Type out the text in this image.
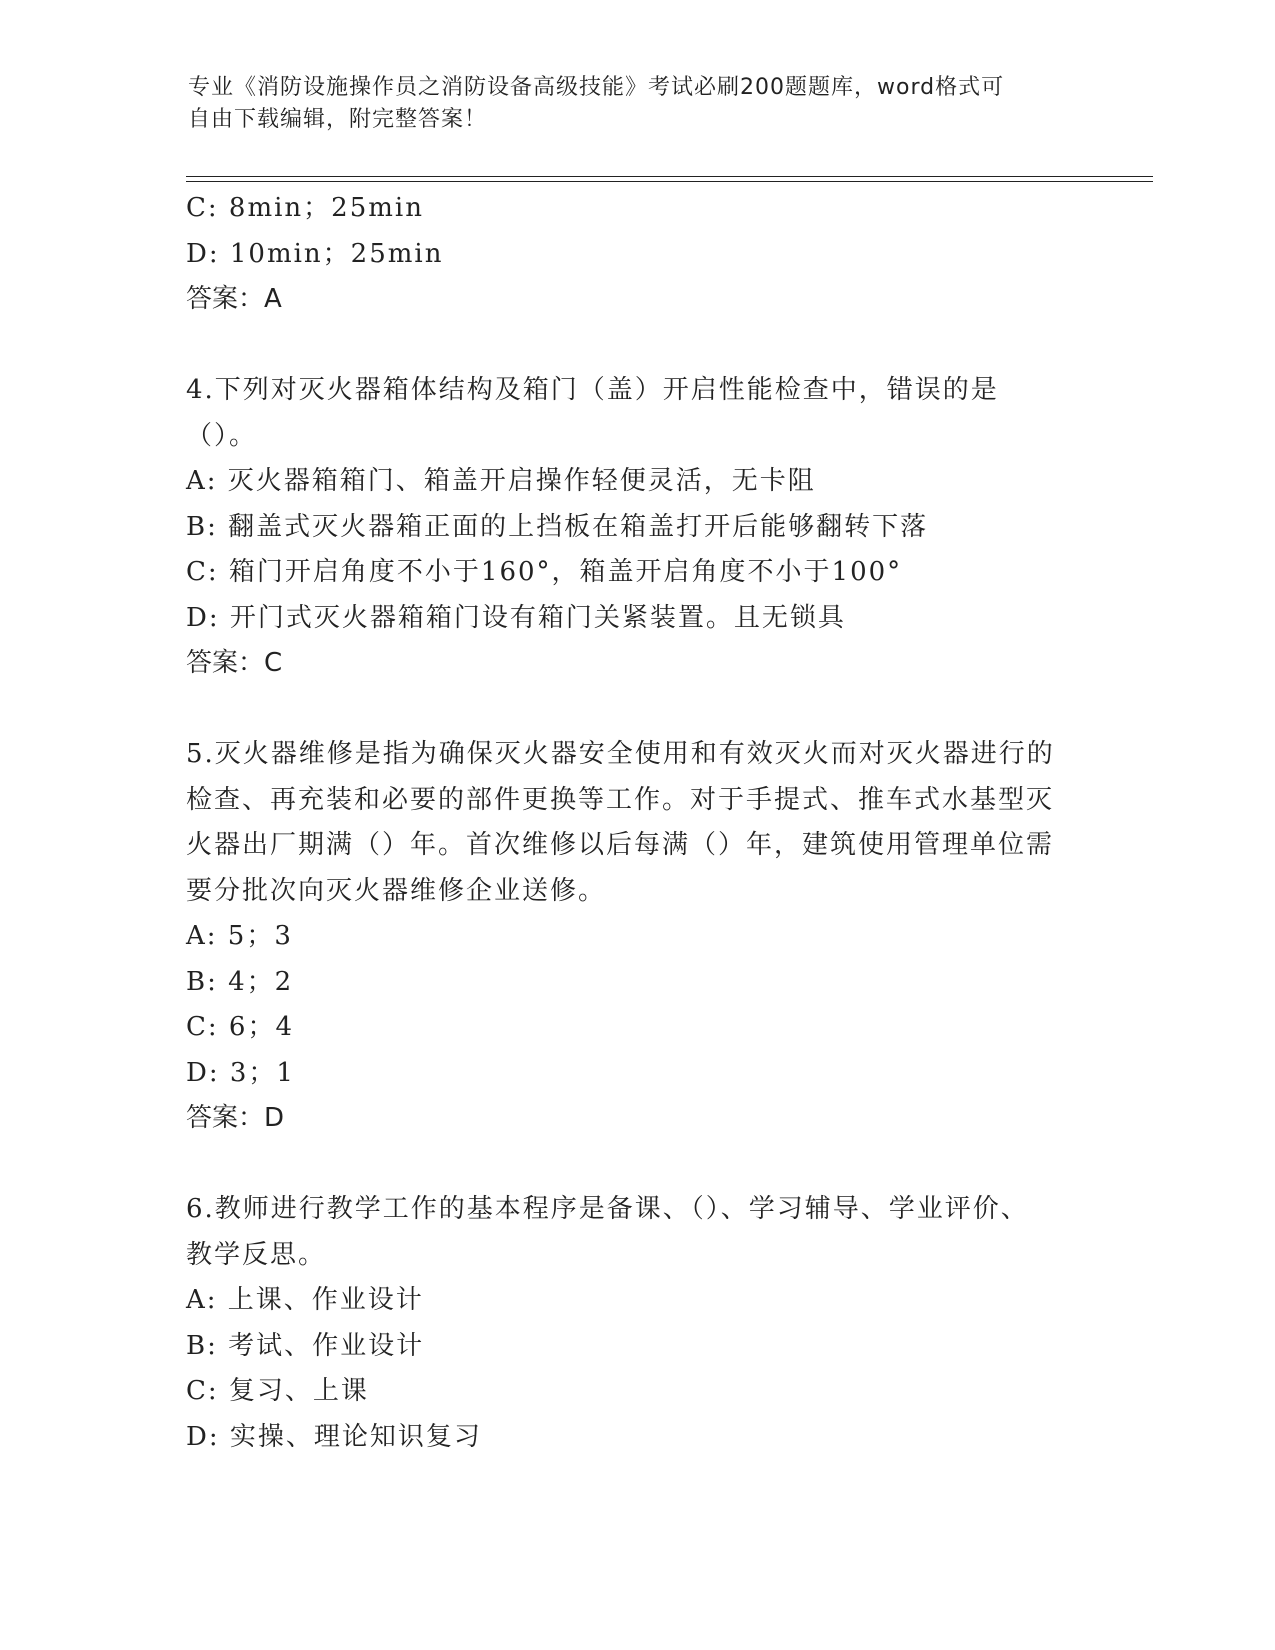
专业《消防设施操作员之消防设备高级技能》考试必刷200题题库，word格式可
自由下载编辑，附完整答案！
C: 8min；25min
D: 10min；25min
答案：A
4.下列对灭火器箱体结构及箱门（盖）开启性能检查中，错误的是（）。
A: 灭火器箱箱门、箱盖开启操作轻便灵活，无卡阻
B: 翻盖式灭火器箱正面的上挡板在箱盖打开后能够翻转下落
C: 箱门开启角度不小于160°，箱盖开启角度不小于100°
D: 开门式灭火器箱箱门设有箱门关紧装置。且无锁具
答案：C
5.灭火器维修是指为确保灭火器安全使用和有效灭火而对灭火器进行的检查、再充装和必要的部件更换等工作。对于手提式、推车式水基型灭火器出厂期满（）年。首次维修以后每满（）年，建筑使用管理单位需要分批次向灭火器维修企业送修。
A: 5；3
B: 4；2
C: 6；4
D: 3；1
答案：D
6.教师进行教学工作的基本程序是备课、（）、学习辅导、学业评价、教学反思。
A: 上课、作业设计
B: 考试、作业设计
C: 复习、上课
D: 实操、理论知识复习
